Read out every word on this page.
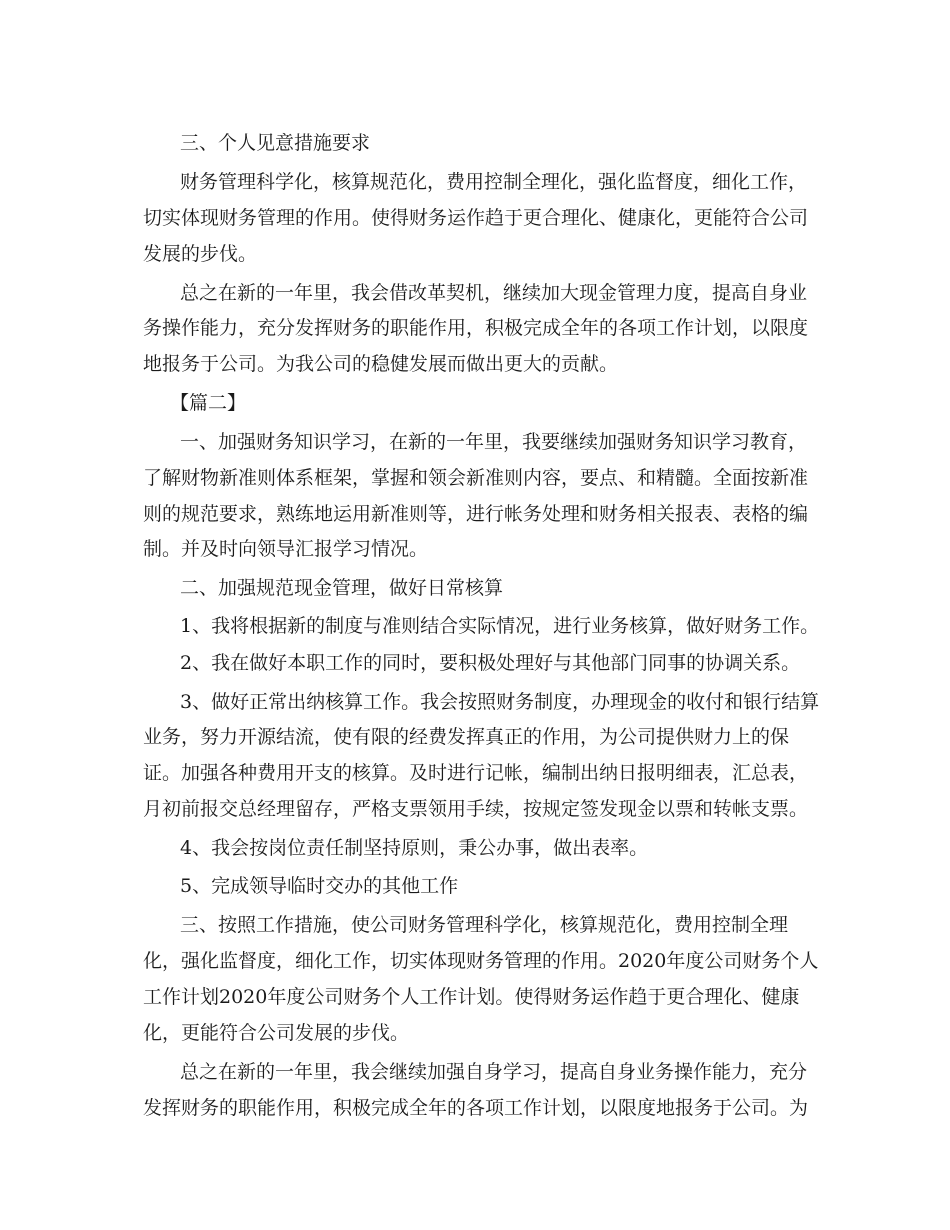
三、个人见意措施要求

财务管理科学化，核算规范化，费用控制全理化，强化监督度，细化工作，

切实体现财务管理的作用。使得财务运作趋于更合理化、健康化，更能符合公司

发展的步伐。

总之在新的一年里，我会借改革契机，继续加大现金管理力度，提高自身业

务操作能力，充分发挥财务的职能作用，积极完成全年的各项工作计划，以限度

地报务于公司。为我公司的稳健发展而做出更大的贡献。

【篇二】

一、加强财务知识学习，在新的一年里，我要继续加强财务知识学习教育，

了解财物新准则体系框架，掌握和领会新准则内容，要点、和精髓。全面按新准

则的规范要求，熟练地运用新准则等，进行帐务处理和财务相关报表、表格的编

制。并及时向领导汇报学习情况。

二、加强规范现金管理，做好日常核算

1、我将根据新的制度与准则结合实际情况，进行业务核算，做好财务工作。

2、我在做好本职工作的同时，要积极处理好与其他部门同事的协调关系。

3、做好正常出纳核算工作。我会按照财务制度，办理现金的收付和银行结算

业务，努力开源结流，使有限的经费发挥真正的作用，为公司提供财力上的保

证。加强各种费用开支的核算。及时进行记帐，编制出纳日报明细表，汇总表，

月初前报交总经理留存，严格支票领用手续，按规定签发现金以票和转帐支票。

4、我会按岗位责任制坚持原则，秉公办事，做出表率。

5、完成领导临时交办的其他工作

三、按照工作措施，使公司财务管理科学化，核算规范化，费用控制全理

化，强化监督度，细化工作，切实体现财务管理的作用。2020年度公司财务个人

工作计划2020年度公司财务个人工作计划。使得财务运作趋于更合理化、健康

化，更能符合公司发展的步伐。

总之在新的一年里，我会继续加强自身学习，提高自身业务操作能力，充分

发挥财务的职能作用，积极完成全年的各项工作计划，以限度地报务于公司。为
